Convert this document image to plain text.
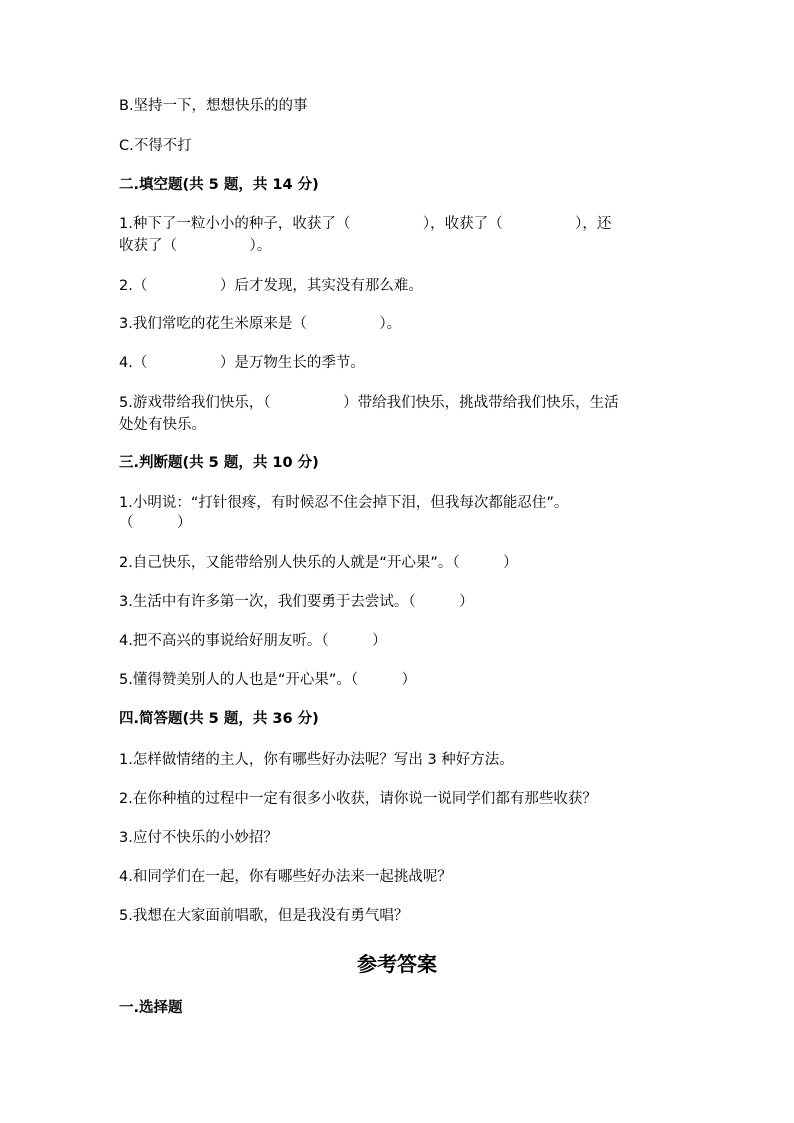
B.坚持一下，想想快乐的的事
C.不得不打
二.填空题(共 5 题，共 14 分)
1.种下了一粒小小的种子，收获了（　　　　　），收获了（　　　　　），还
收获了（　　　　　）。
2.（　　　　　）后才发现，其实没有那么难。
3.我们常吃的花生米原来是（　　　　　）。
4.（　　　　　）是万物生长的季节。
5.游戏带给我们快乐，（　　　　　）带给我们快乐，挑战带给我们快乐，生活
处处有快乐。
三.判断题(共 5 题，共 10 分)
1.小明说：“打针很疼，有时候忍不住会掉下泪，但我每次都能忍住”。
（　　　）
2.自己快乐，又能带给别人快乐的人就是“开心果”。（　　　）
3.生活中有许多第一次，我们要勇于去尝试。（　　　）
4.把不高兴的事说给好朋友听。（　　　）
5.懂得赞美别人的人也是“开心果”。（　　　）
四.简答题(共 5 题，共 36 分)
1.怎样做情绪的主人，你有哪些好办法呢？写出 3 种好方法。
2.在你种植的过程中一定有很多小收获，请你说一说同学们都有那些收获？
3.应付不快乐的小妙招？
4.和同学们在一起，你有哪些好办法来一起挑战呢？
5.我想在大家面前唱歌，但是我没有勇气唱？
参考答案
一.选择题
